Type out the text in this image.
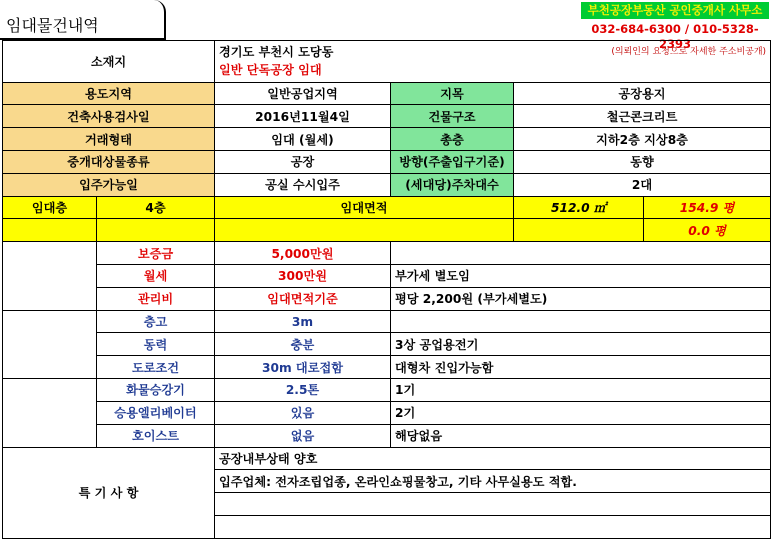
임대물건내역
부천공장부동산 공인중개사 사무소
032-684-6300 / 010-5328-2393
소재지		경기도 부천시 도당동 (의뢰인의 요청으로 자세한 주소비공개)
일반 단독공장 임대			

용도지역		일반공업지역	지목	공장용지	
건축사용검사일		2016년11월4일	건물구조	철근콘크리트	
거래형태		임대 (월세)	총층	지하2층 지상8층	
중개대상물종류		공장	방향(주출입구기준)	동향	
입주가능일		공실 수시입주	(세대당)주차대수	2대	
임대층	4층	임대면적		512.0 ㎡	154.9 평
					0.0 평
	보증금	5,000만원			
	월세	300만원	부가세 별도임		
	관리비	임대면적기준	평당 2,200원 (부가세별도)		
	층고	3m			
	동력	충분	3상 공업용전기		
	도로조건	30m 대로접함	대형차 진입가능함		
	화물승강기	2.5톤	1기		
	승용엘리베이터	있음	2기		
	호이스트	없음	해당없음		
특 기 사 항		공장내부상태 양호			
		입주업체: 전자조립업종, 온라인쇼핑물창고, 기타 사무실용도 적합.			
